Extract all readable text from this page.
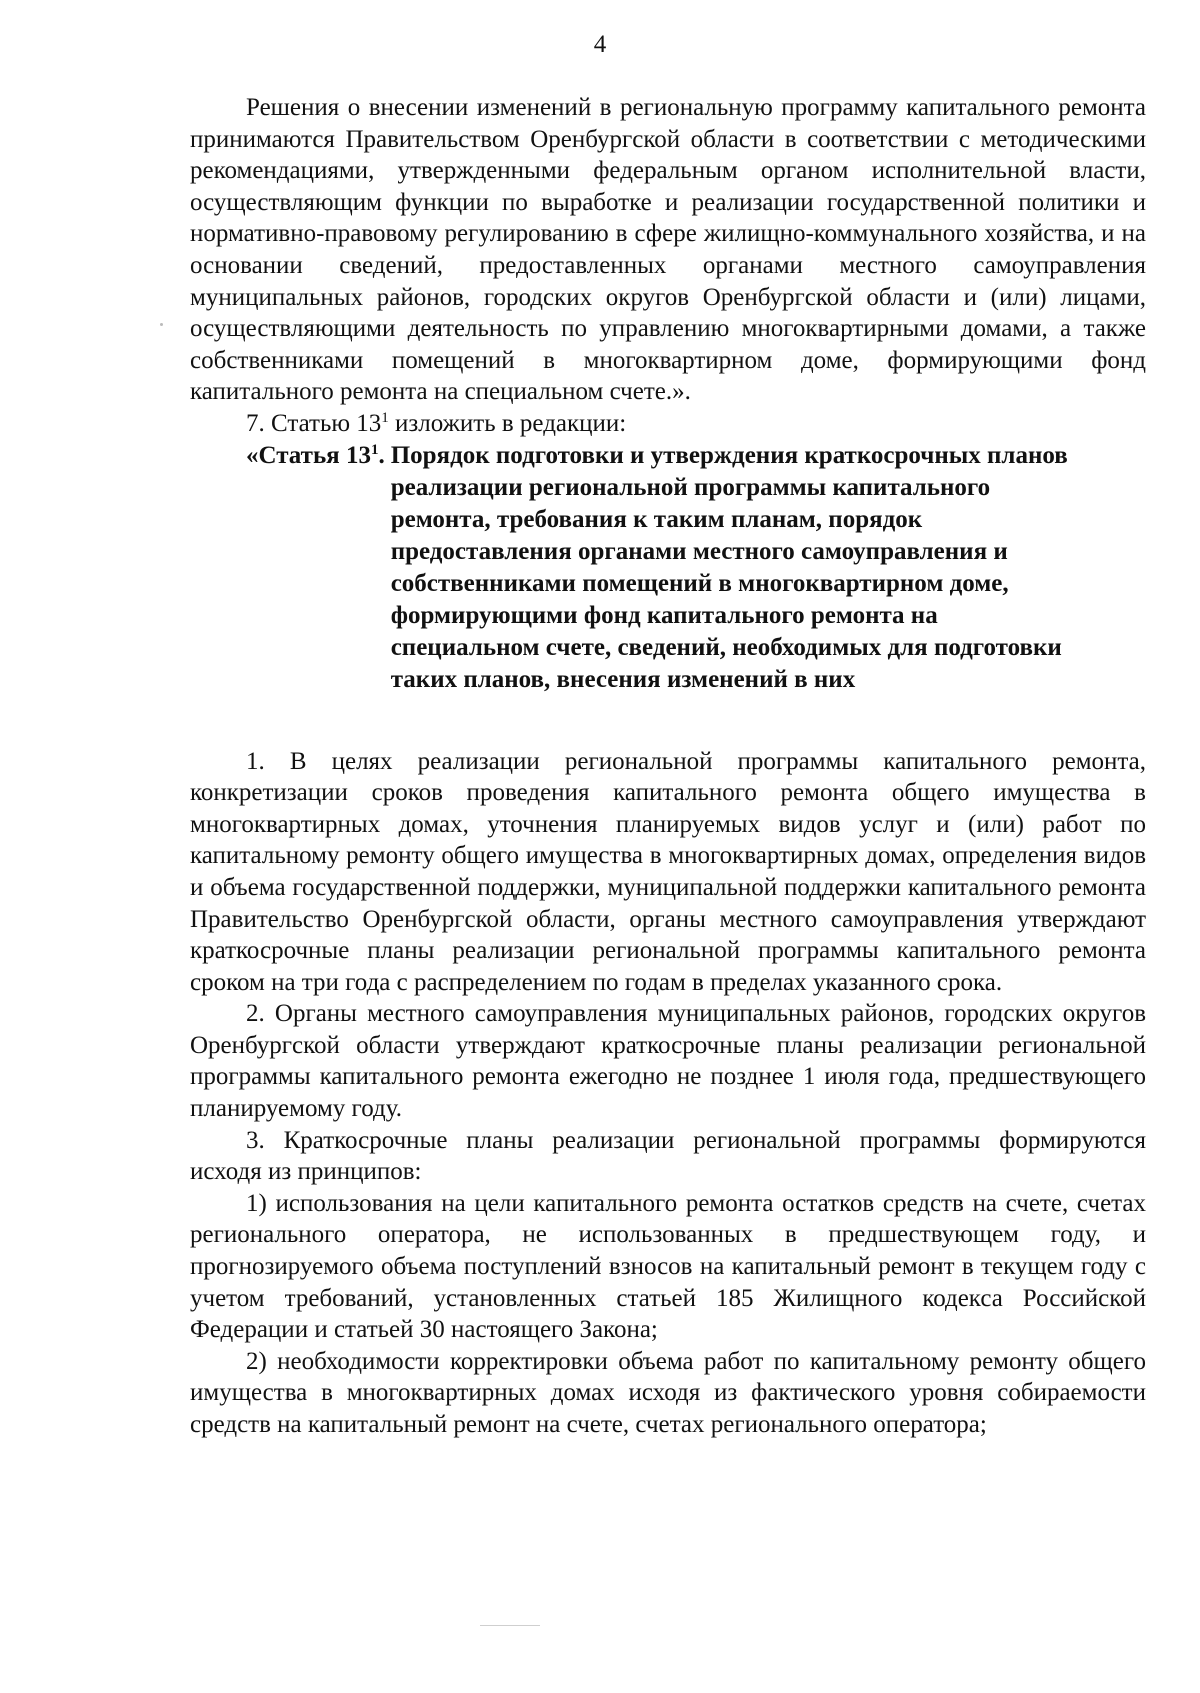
4

Решения о внесении изменений в региональную программу капитального ремонта принимаются Правительством Оренбургской области в соответствии с методическими рекомендациями, утвержденными федеральным органом исполнительной власти, осуществляющим функции по выработке и реализации государственной политики и нормативно-правовому регулированию в сфере жилищно-коммунального хозяйства, и на основании сведений, предоставленных органами местного самоуправления муниципальных районов, городских округов Оренбургской области и (или) лицами, осуществляющими деятельность по управлению многоквартирными домами, а также собственниками помещений в многоквартирном доме, формирующими фонд капитального ремонта на специальном счете.».

7. Статью $13^1$ изложить в редакции:

«Статья $13^1$. Порядок подготовки и утверждения краткосрочных планов реализации региональной программы капитального ремонта, требования к таким планам, порядок предоставления органами местного самоуправления и собственниками помещений в многоквартирном доме, формирующими фонд капитального ремонта на специальном счете, сведений, необходимых для подготовки таких планов, внесения изменений в них

1. В целях реализации региональной программы капитального ремонта, конкретизации сроков проведения капитального ремонта общего имущества в многоквартирных домах, уточнения планируемых видов услуг и (или) работ по капитальному ремонту общего имущества в многоквартирных домах, определения видов и объема государственной поддержки, муниципальной поддержки капитального ремонта Правительство Оренбургской области, органы местного самоуправления утверждают краткосрочные планы реализации региональной программы капитального ремонта сроком на три года с распределением по годам в пределах указанного срока.

2. Органы местного самоуправления муниципальных районов, городских округов Оренбургской области утверждают краткосрочные планы реализации региональной программы капитального ремонта ежегодно не позднее 1 июля года, предшествующего планируемому году.

3. Краткосрочные планы реализации региональной программы формируются исходя из принципов:

1) использования на цели капитального ремонта остатков средств на счете, счетах регионального оператора, не использованных в предшествующем году, и прогнозируемого объема поступлений взносов на капитальный ремонт в текущем году с учетом требований, установленных статьей 185 Жилищного кодекса Российской Федерации и статьей 30 настоящего Закона;

2) необходимости корректировки объема работ по капитальному ремонту общего имущества в многоквартирных домах исходя из фактического уровня собираемости средств на капитальный ремонт на счете, счетах регионального оператора;
